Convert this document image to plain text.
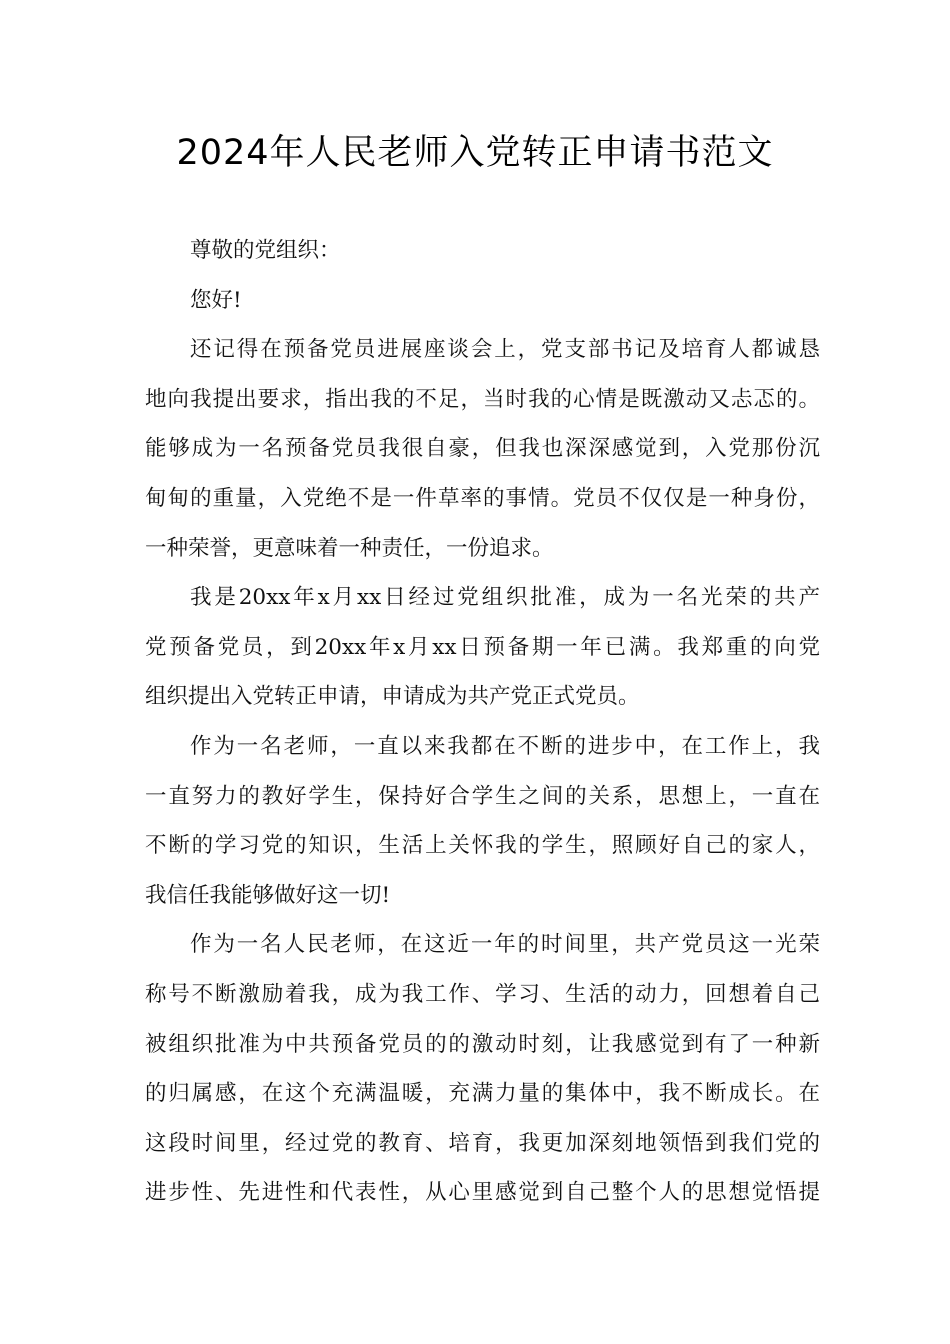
2024年人民老师入党转正申请书范文
尊敬的党组织：
您好!
还记得在预备党员进展座谈会上，党支部书记及培育人都诚恳
地向我提出要求，指出我的不足，当时我的心情是既激动又忐忑的。
能够成为一名预备党员我很自豪，但我也深深感觉到，入党那份沉
甸甸的重量，入党绝不是一件草率的事情。党员不仅仅是一种身份，
一种荣誉，更意味着一种责任，一份追求。
我是20xx年x月xx日经过党组织批准，成为一名光荣的共产
党预备党员，到20xx年x月xx日预备期一年已满。我郑重的向党
组织提出入党转正申请，申请成为共产党正式党员。
作为一名老师，一直以来我都在不断的进步中，在工作上，我
一直努力的教好学生，保持好合学生之间的关系，思想上，一直在
不断的学习党的知识，生活上关怀我的学生，照顾好自己的家人，
我信任我能够做好这一切!
作为一名人民老师，在这近一年的时间里，共产党员这一光荣
称号不断激励着我，成为我工作、学习、生活的动力，回想着自己
被组织批准为中共预备党员的的激动时刻，让我感觉到有了一种新
的归属感，在这个充满温暖，充满力量的集体中，我不断成长。在
这段时间里，经过党的教育、培育，我更加深刻地领悟到我们党的
进步性、先进性和代表性，从心里感觉到自己整个人的思想觉悟提
